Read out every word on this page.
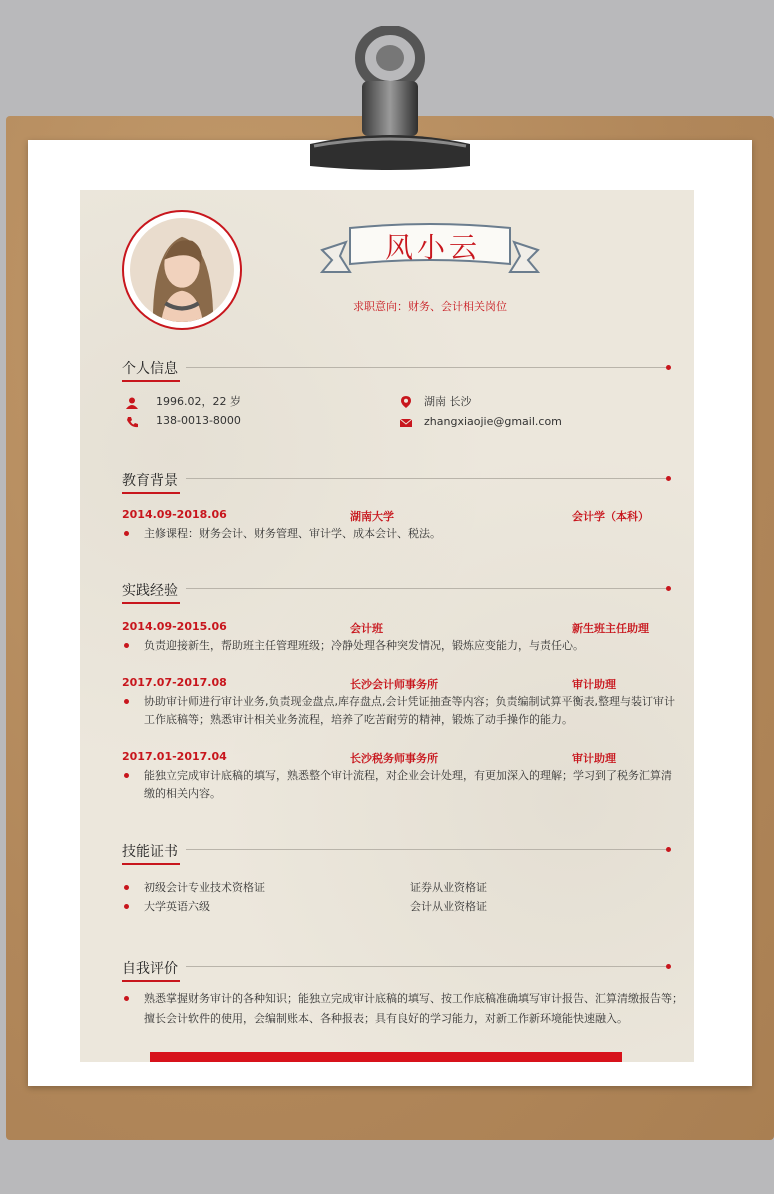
风小云
求职意向：财务、会计相关岗位
个人信息
1996.02，22 岁
138-0013-8000
湖南 长沙
zhangxiaojie@gmail.com
教育背景
2014.09-2018.06	湖南大学	会计学（本科）
主修课程：财务会计、财务管理、审计学、成本会计、税法。
实践经验
2014.09-2015.06	会计班	新生班主任助理
负责迎接新生，帮助班主任管理班级；冷静处理各种突发情况，锻炼应变能力，与责任心。
2017.07-2017.08	长沙会计师事务所	审计助理
协助审计师进行审计业务,负责现金盘点,库存盘点,会计凭证抽查等内容；负责编制试算平衡表,整理与装订审计
工作底稿等；熟悉审计相关业务流程，培养了吃苦耐劳的精神，锻炼了动手操作的能力。
2017.01-2017.04	长沙税务师事务所	审计助理
能独立完成审计底稿的填写，熟悉整个审计流程，对企业会计处理，有更加深入的理解；学习到了税务汇算清
缴的相关内容。
技能证书
初级会计专业技术资格证	证券从业资格证
大学英语六级	会计从业资格证
自我评价
熟悉掌握财务审计的各种知识；能独立完成审计底稿的填写、按工作底稿准确填写审计报告、汇算清缴报告等；
擅长会计软件的使用，会编制账本、各种报表；具有良好的学习能力，对新工作新环境能快速融入。
